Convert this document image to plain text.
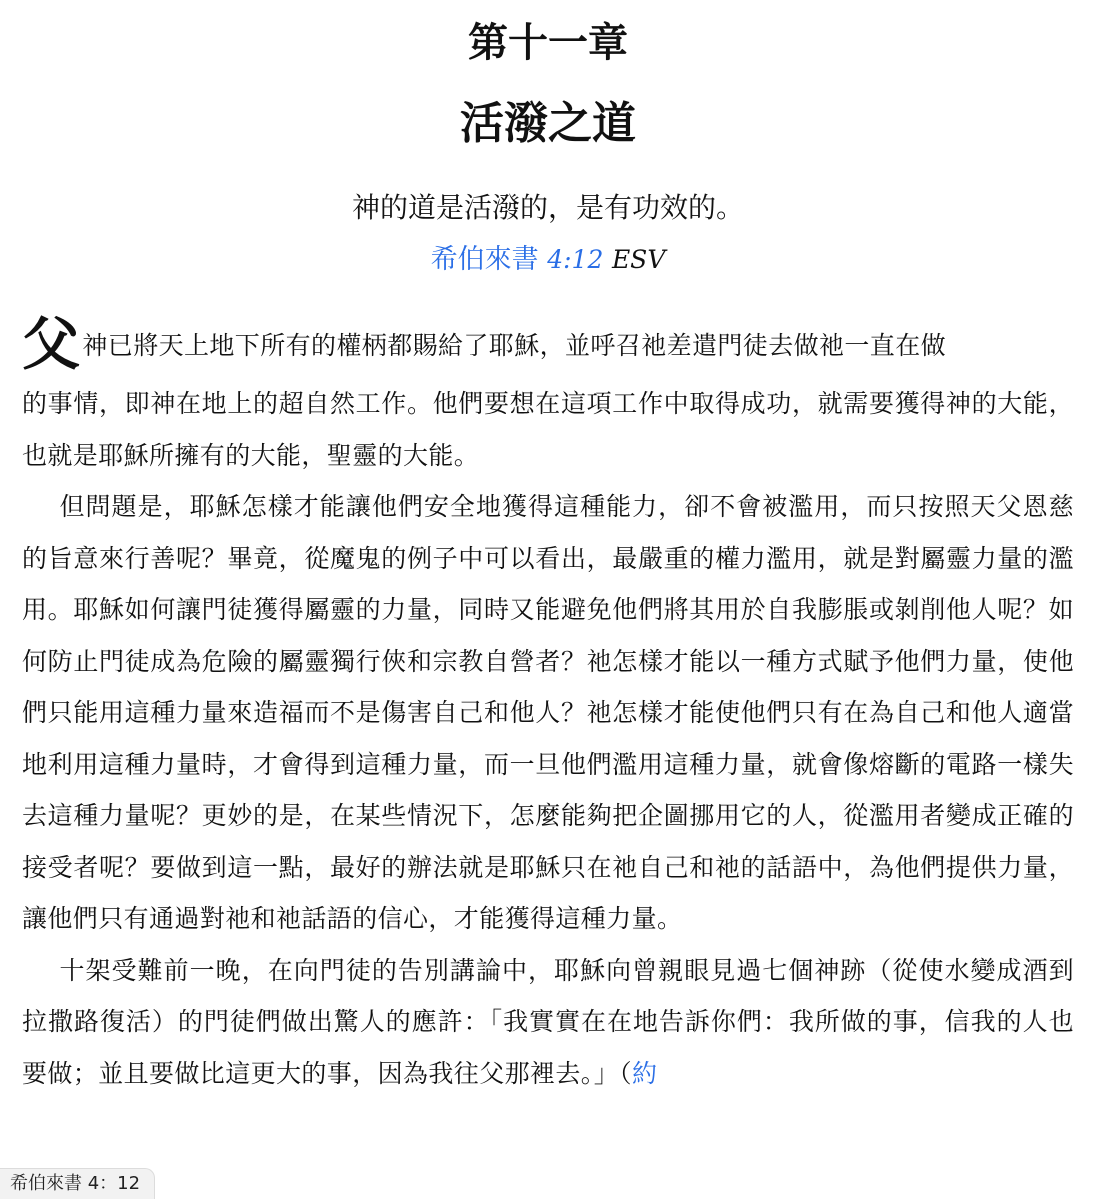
第十一章
活潑之道
神的道是活潑的，是有功效的。
希伯來書 4:12 ESV
父神已將天上地下所有的權柄都賜給了耶穌，並呼召祂差遣門徒去做祂一直在做

的事情，即神在地上的超自然工作。他們要想在這項工作中取得成功，就需要獲得神的大能，也就是耶穌所擁有的大能，聖靈的大能。

但問題是，耶穌怎樣才能讓他們安全地獲得這種能力，卻不會被濫用，而只按照天父恩慈的旨意來行善呢？畢竟，從魔鬼的例子中可以看出，最嚴重的權力濫用，就是對屬靈力量的濫用。耶穌如何讓門徒獲得屬靈的力量，同時又能避免他們將其用於自我膨脹或剝削他人呢？如何防止門徒成為危險的屬靈獨行俠和宗教自營者？祂怎樣才能以一種方式賦予他們力量，使他們只能用這種力量來造福而不是傷害自己和他人？祂怎樣才能使他們只有在為自己和他人適當地利用這種力量時，才會得到這種力量，而一旦他們濫用這種力量，就會像熔斷的電路一樣失去這種力量呢？更妙的是，在某些情況下，怎麼能夠把企圖挪用它的人，從濫用者變成正確的接受者呢？要做到這一點，最好的辦法就是耶穌只在祂自己和祂的話語中，為他們提供力量，讓他們只有通過對祂和祂話語的信心，才能獲得這種力量。

十架受難前一晚，在向門徒的告別講論中，耶穌向曾親眼見過七個神跡（從使水變成酒到拉撒路復活）的門徒們做出驚人的應許：「我實實在在地告訴你們：我所做的事，信我的人也要做；並且要做比這更大的事，因為我往父那裡去。」（約

希伯來書 4：12
